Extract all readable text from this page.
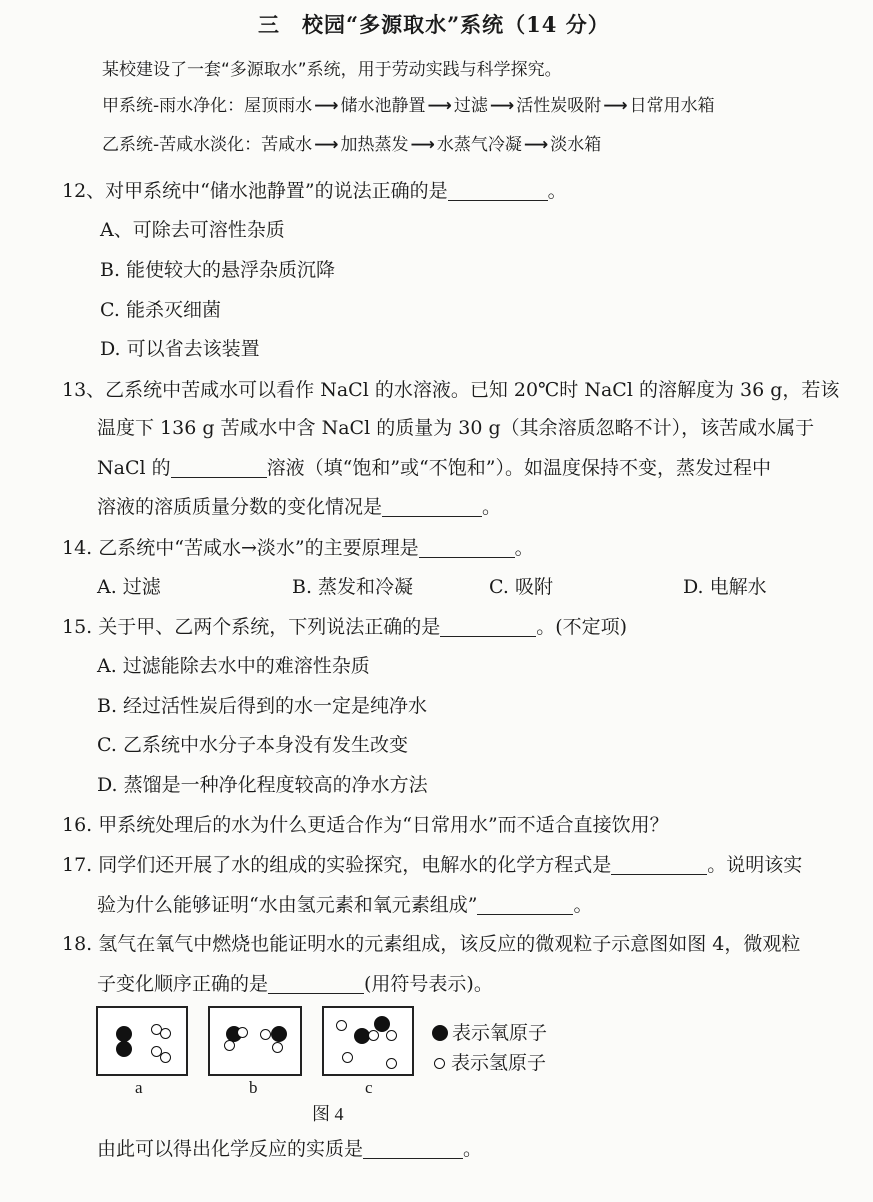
三　校园“多源取水”系统（14 分）
某校建设了一套“多源取水”系统，用于劳动实践与科学探究。
甲系统-雨水净化：屋顶雨水 ⟶ 储水池静置 ⟶ 过滤 ⟶ 活性炭吸附 ⟶ 日常用水箱
乙系统-苦咸水淡化：苦咸水 ⟶ 加热蒸发 ⟶ 水蒸气冷凝 ⟶ 淡水箱
12、对甲系统中“储水池静置”的说法正确的是	。
A、可除去可溶性杂质
B. 能使较大的悬浮杂质沉降
C. 能杀灭细菌
D. 可以省去该装置
13、乙系统中苦咸水可以看作 NaCl 的水溶液。已知 20℃时 NaCl 的溶解度为 36 g，若该
温度下 136 g 苦咸水中含 NaCl 的质量为 30 g（其余溶质忽略不计），该苦咸水属于
NaCl 的	溶液（填“饱和”或“不饱和”）。如温度保持不变，蒸发过程中
溶液的溶质质量分数的变化情况是	。
14. 乙系统中“苦咸水→淡水”的主要原理是	。
A. 过滤	B. 蒸发和冷凝	C. 吸附	D. 电解水
15. 关于甲、乙两个系统，下列说法正确的是	。(不定项)
A. 过滤能除去水中的难溶性杂质
B. 经过活性炭后得到的水一定是纯净水
C. 乙系统中水分子本身没有发生改变
D. 蒸馏是一种净化程度较高的净水方法
16. 甲系统处理后的水为什么更适合作为“日常用水”而不适合直接饮用？
17. 同学们还开展了水的组成的实验探究，电解水的化学方程式是	。说明该实
验为什么能够证明“水由氢元素和氧元素组成”	。
18. 氢气在氧气中燃烧也能证明水的元素组成，该反应的微观粒子示意图如图 4，微观粒
子变化顺序正确的是	(用符号表示)。
a	b	c
表示氧原子
表示氢原子
图 4
由此可以得出化学反应的实质是	。
